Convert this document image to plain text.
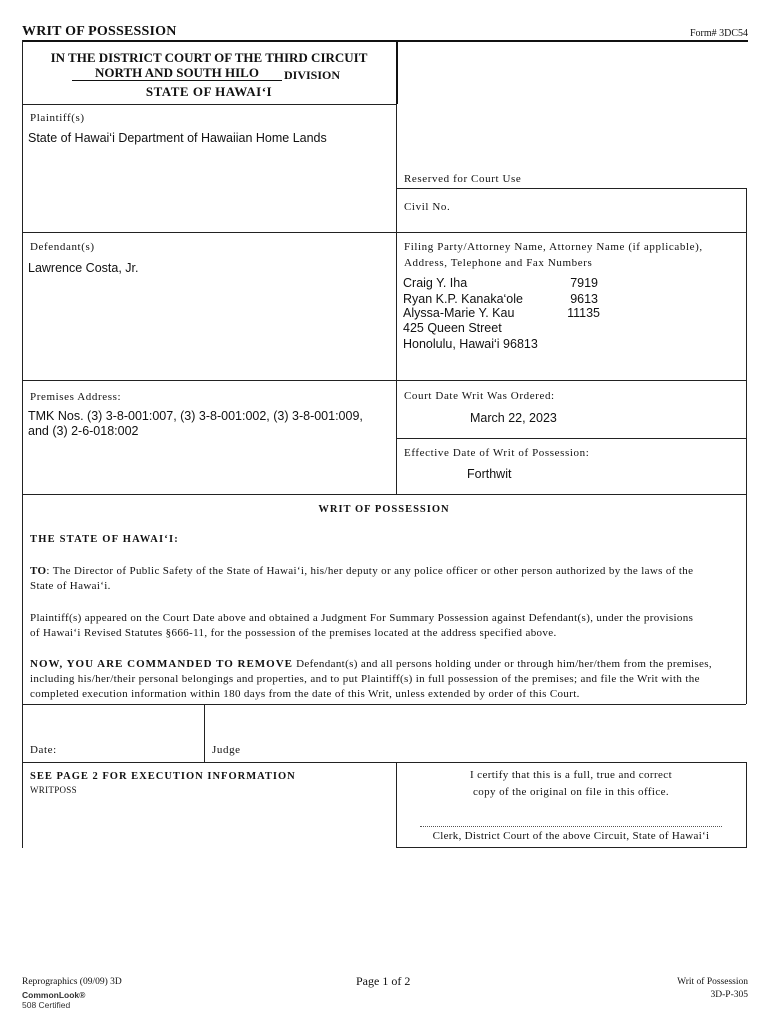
WRIT OF POSSESSION	Form# 3DC54
IN THE DISTRICT COURT OF THE THIRD CIRCUIT
NORTH AND SOUTH HILO	DIVISION
STATE OF HAWAI‘I
Plaintiff(s)
State of Hawai‘i Department of Hawaiian Home Lands
Reserved for Court Use
Civil No.
Defendant(s)
Lawrence Costa, Jr.
Filing Party/Attorney Name, Attorney Name (if applicable),
Address, Telephone and Fax Numbers
Craig Y. Iha	7919
Ryan K.P. Kanaka‘ole	9613
Alyssa-Marie Y. Kau	11135
425 Queen Street
Honolulu, Hawai‘i 96813
Premises Address:
TMK Nos. (3) 3-8-001:007, (3) 3-8-001:002, (3) 3-8-001:009,
and (3) 2-6-018:002
Court Date Writ Was Ordered:
March 22, 2023
Effective Date of Writ of Possession:
Forthwit
WRIT OF POSSESSION
THE STATE OF HAWAI‘I:
TO: The Director of Public Safety of the State of Hawai‘i, his/her deputy or any police officer or other person authorized by the laws of the
State of Hawai‘i.
Plaintiff(s) appeared on the Court Date above and obtained a Judgment For Summary Possession against Defendant(s), under the provisions
of Hawai‘i Revised Statutes §666-11, for the possession of the premises located at the address specified above.
NOW, YOU ARE COMMANDED TO REMOVE Defendant(s) and all persons holding under or through him/her/them from the premises,
including his/her/their personal belongings and properties, and to put Plaintiff(s) in full possession of the premises; and file the Writ with the
completed execution information within 180 days from the date of this Writ, unless extended by order of this Court.
Date:	Judge
SEE PAGE 2 FOR EXECUTION INFORMATION
WRITPOSS
I certify that this is a full, true and correct
copy of the original on file in this office.
Clerk, District Court of the above Circuit, State of Hawai‘i
Reprographics (09/09) 3D
CommonLook®
508 Certified
Page 1 of 2	Writ of Possession
3D-P-305
